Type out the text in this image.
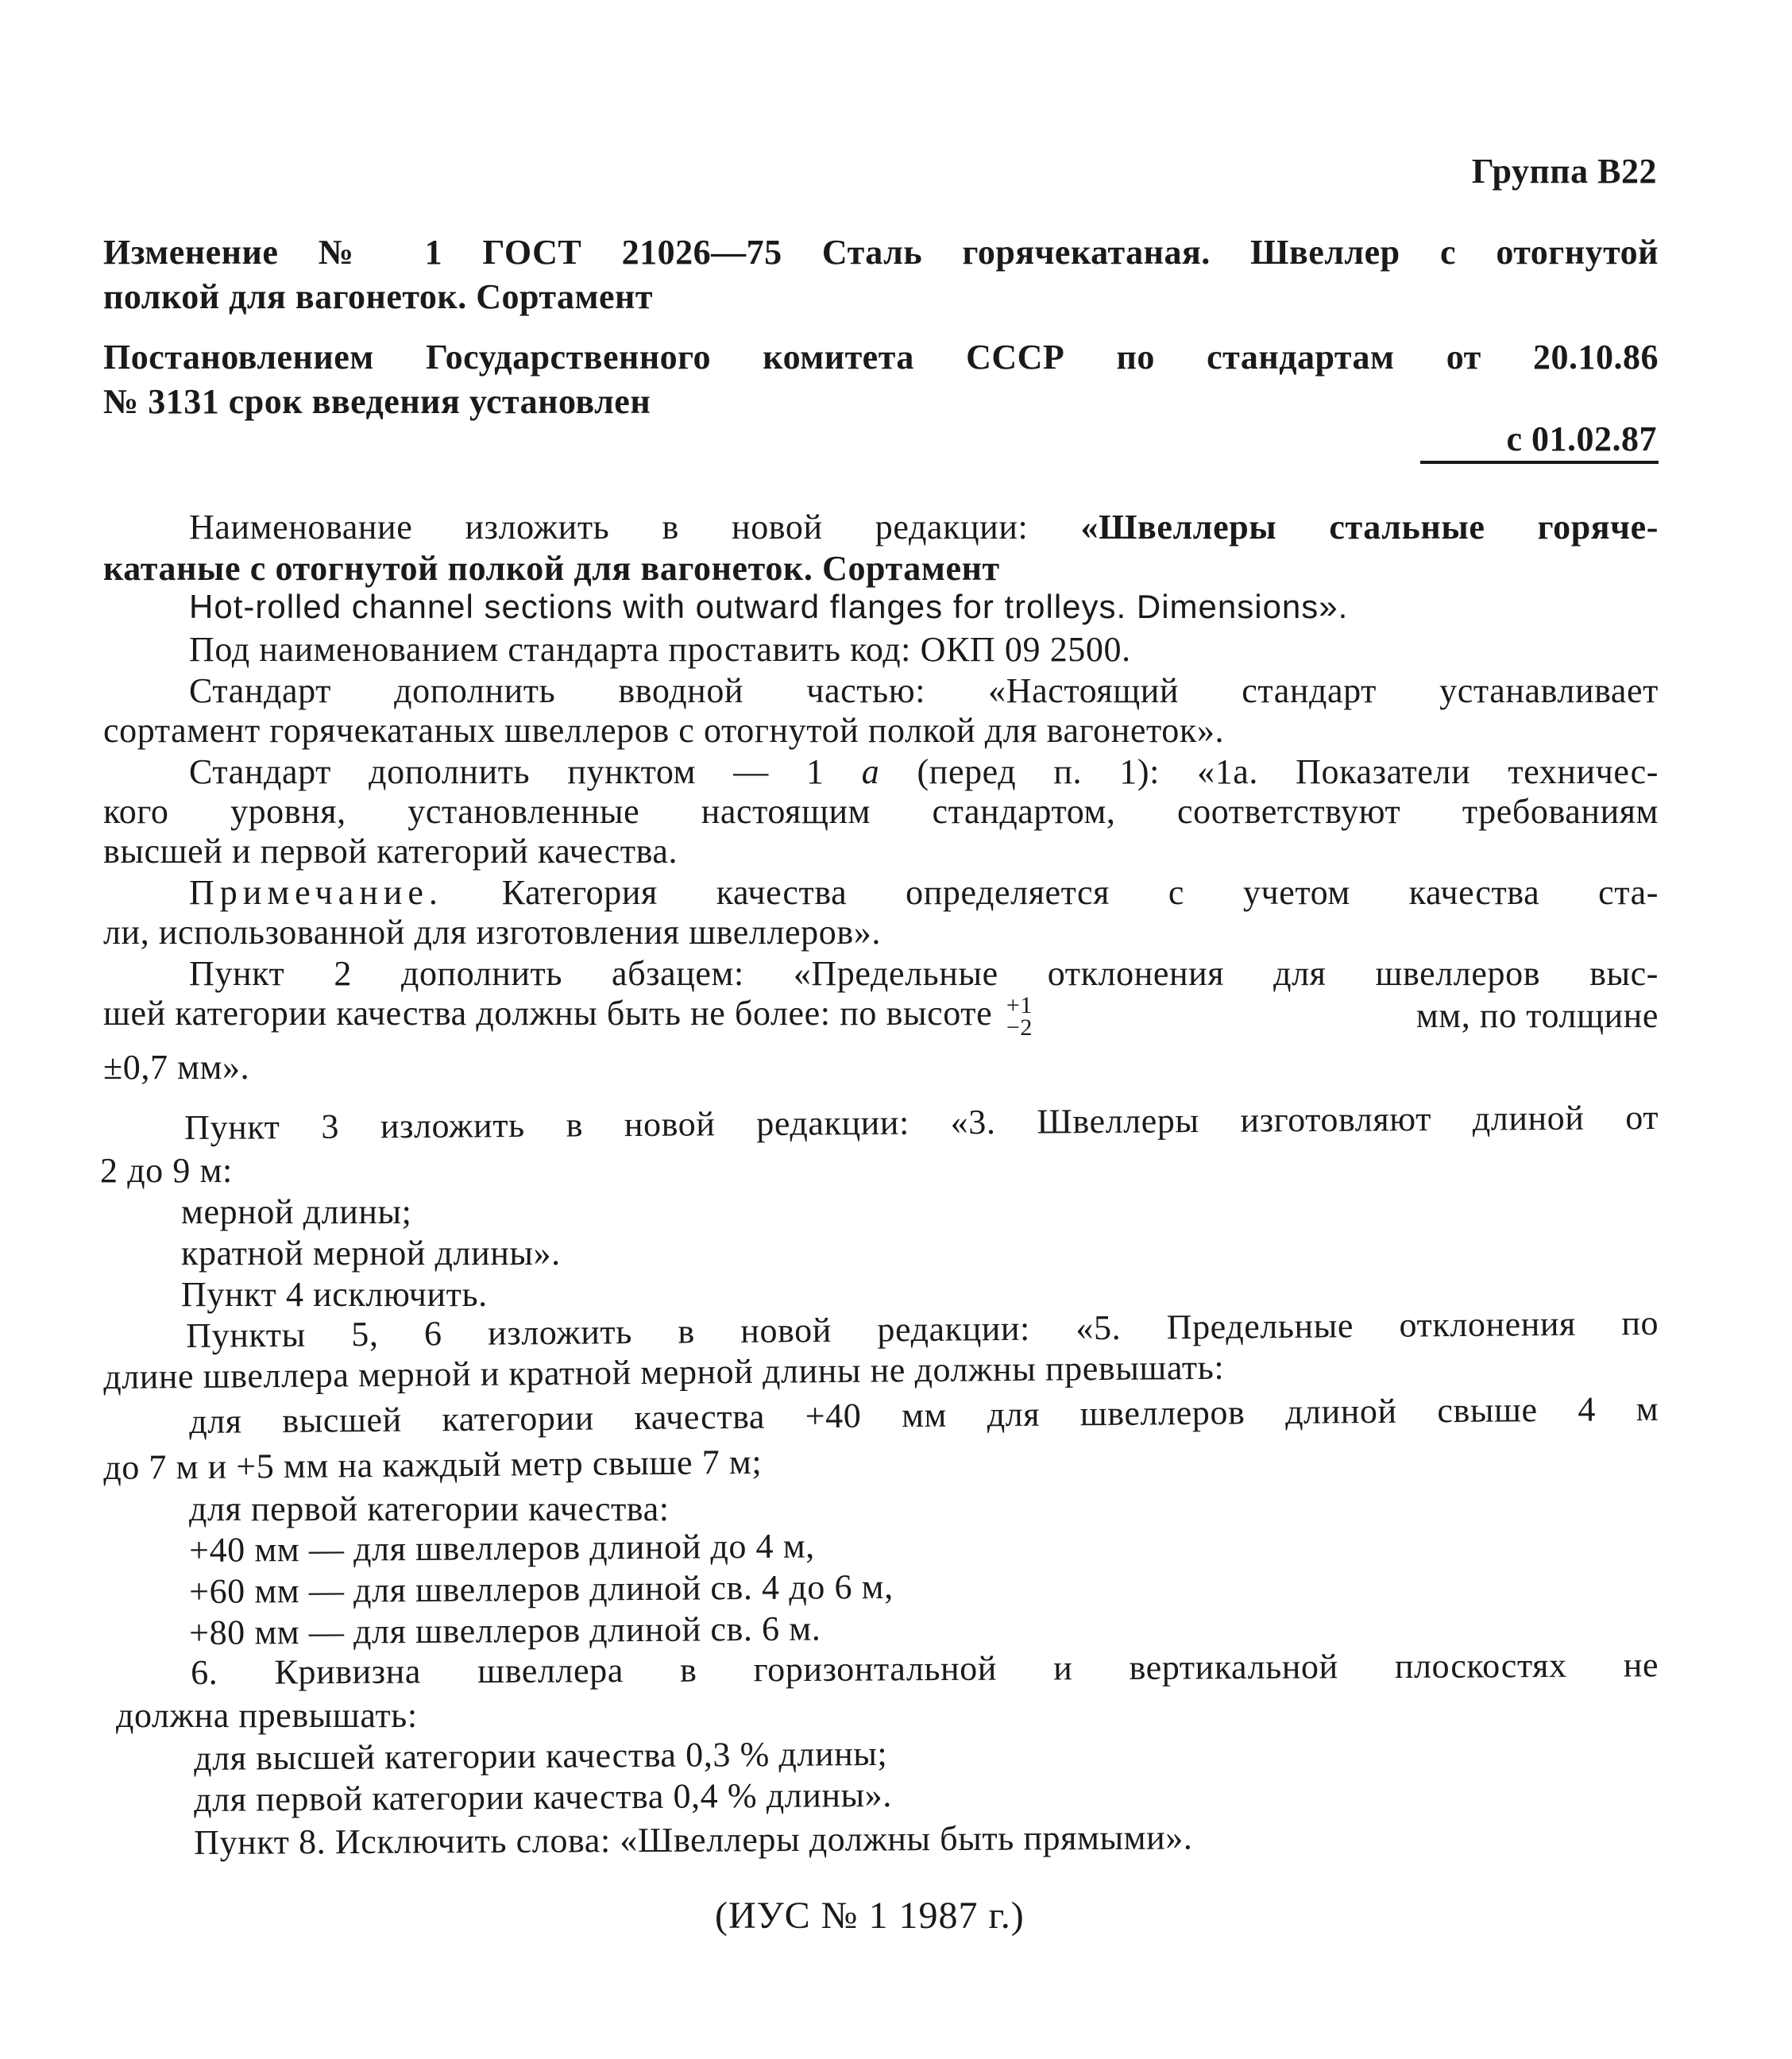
Группа В22
Изменение № 1 ГОСТ 21026—75 Сталь горячекатаная. Швеллер с отогнутой
полкой для вагонеток. Сортамент
Постановлением Государственного комитета СССР по стандартам от 20.10.86
№ 3131 срок введения установлен
с 01.02.87
Наименование изложить в новой редакции: «Швеллеры стальные горяче-
катаные с отогнутой полкой для вагонеток. Сортамент
Hot-rolled channel sections with outward flanges for trolleys. Dimensions».
Под наименованием стандарта проставить код: ОКП 09 2500.
Стандарт дополнить вводной частью: «Настоящий стандарт устанавливает
сортамент горячекатаных швеллеров с отогнутой полкой для вагонеток».
Стандарт дополнить пунктом — 1 а (перед п. 1): «1а. Показатели техничес-
кого уровня, установленные настоящим стандартом, соответствуют требованиям
высшей и первой категорий качества.
Примечание. Категория качества определяется с учетом качества ста-
ли, использованной для изготовления швеллеров».
Пункт 2 дополнить абзацем: «Предельные отклонения для швеллеров выс-
шей категории качества должны быть не более: по высоте +1
−2	мм, по толщине
±0,7 мм».
Пункт 3 изложить в новой редакции: «3. Швеллеры изготовляют длиной от
2 до 9 м:
мерной длины;
кратной мерной длины».
Пункт 4 исключить.
Пункты 5, 6 изложить в новой редакции: «5. Предельные отклонения по
длине швеллера мерной и кратной мерной длины не должны превышать:
для высшей категории качества +40 мм для швеллеров длиной свыше 4 м
до 7 м и +5 мм на каждый метр свыше 7 м;
для первой категории качества:
+40 мм — для швеллеров длиной до 4 м,
+60 мм — для швеллеров длиной св. 4 до 6 м,
+80 мм — для швеллеров длиной св. 6 м.
6. Кривизна швеллера в горизонтальной и вертикальной плоскостях не
должна превышать:
для высшей категории качества 0,3 % длины;
для первой категории качества 0,4 % длины».
Пункт 8. Исключить слова: «Швеллеры должны быть прямыми».
(ИУС № 1 1987 г.)
